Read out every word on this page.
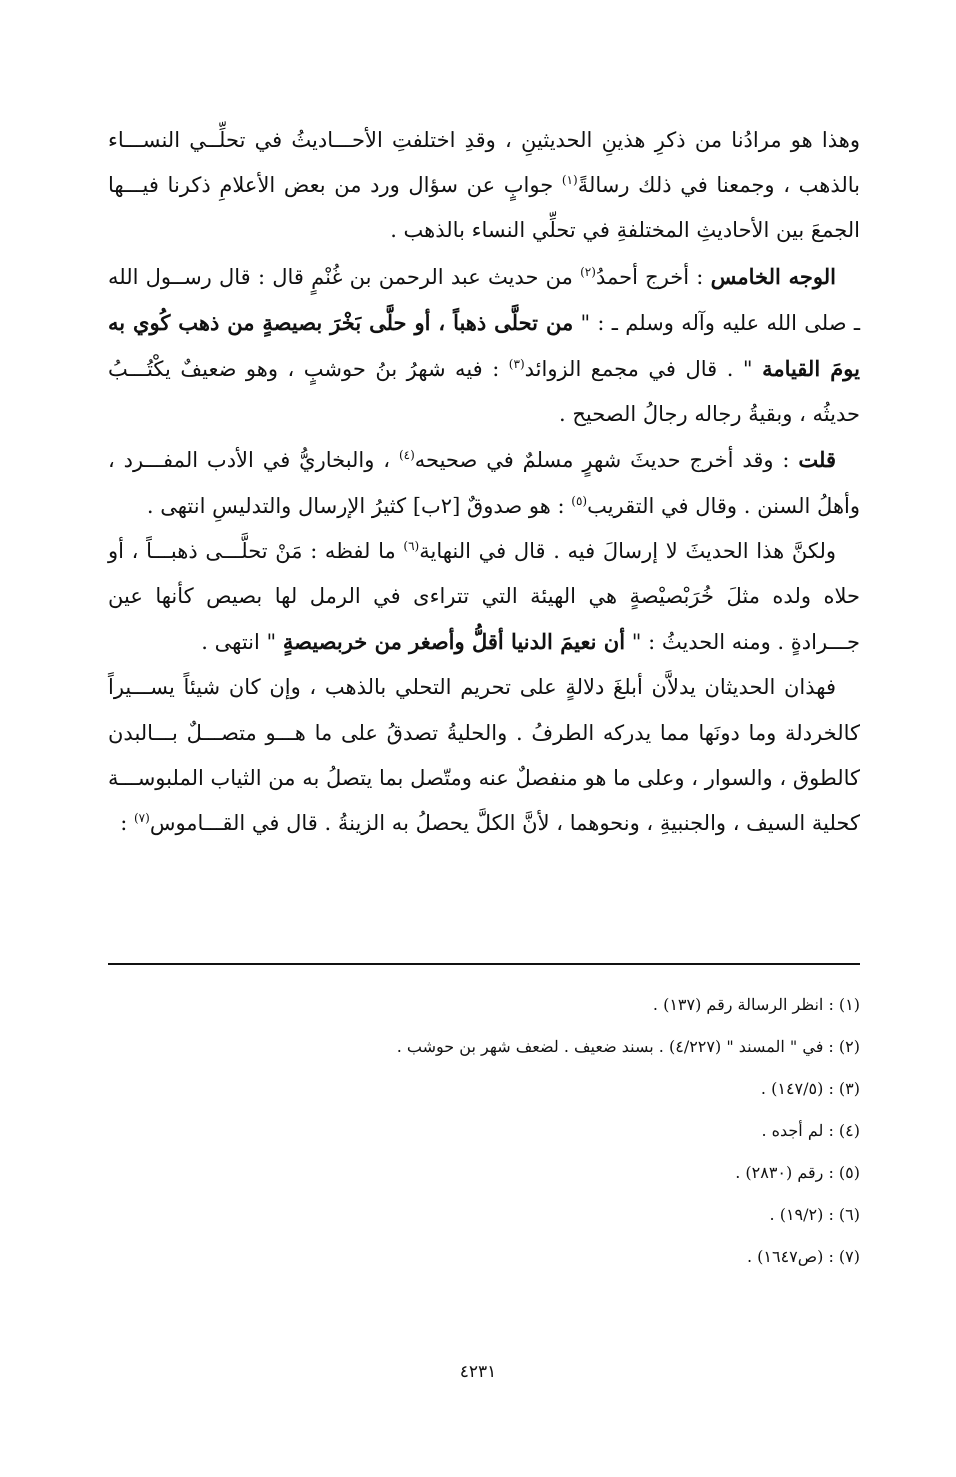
وهذا هو مرادُنا من ذكرِ هذينِ الحديثينِ ، وقدِ اختلفتِ الأحـــاديثُ في تحلِّــي النســـاء بالذهب ، وجمعنا في ذلك رسالةً$^{(١)}$ جوابٍ عن سؤال ورد من بعض الأعلامِ ذكرنا فيـــها الجمعَ بين الأحاديثِ المختلفةِ في تحلِّي النساء بالذهب .

الوجه الخامس : أخرج أحمدُ$^{(٢)}$ من حديث عبد الرحمن بن غُنْمٍ قال : قال رســول الله ـ صلى الله عليه وآله وسلم ـ : " من تحلَّى ذهباً ، أو حلَّى بَخْرَ بصيصةٍ من ذهب كُوي به يومَ القيامة " . قال في مجمع الزوائد$^{(٣)}$ : فيه شهرُ بنُ حوشبٍ ، وهو ضعيفٌ يكْتُـــبُ حديثُه ، وبقيةُ رجاله رجالُ الصحيح .

قلت : وقد أخرج حديثَ شهرٍ مسلمٌ في صحيحه$^{(٤)}$ ، والبخاريُّ في الأدب المفـــرد ، وأهلُ السنن . وقال في التقريب$^{(٥)}$ : هو صدوقٌ [٢ب] كثيرُ الإرسال والتدليسِ انتهى .

ولكنَّ هذا الحديثَ لا إرسالَ فيه . قال في النهاية$^{(٦)}$ ما لفظه : مَنْ تحلَّـــى ذهبـــاً ، أو حلاه ولده مثلَ خُرَبْصيْصةٍ هي الهيئة التي تتراءى في الرمل لها بصيص كأنها عين جـــرادةٍ . ومنه الحديثُ : " أن نعيمَ الدنيا أقلُّ وأصغر من خربصيصةٍ " انتهى .

فهذان الحديثان يدلاَّن أبلغَ دلالةٍ على تحريم التحلي بالذهب ، وإن كان شيئاً يســـيراً كالخردلة وما دونَها مما يدركه الطرفُ . والحليةُ تصدقُ على ما هـــو متصـــلٌ بـــالبدن كالطوق ، والسوار ، وعلى ما هو منفصلٌ عنه ومتّصل بما يتصلُ به من الثياب الملبوســـة كحلية السيف ، والجنبيةِ ، ونحوهما ، لأنَّ الكلَّ يحصلُ به الزينةُ . قال في القـــاموس$^{(٧)}$ :

(١) : انظر الرسالة رقم (١٣٧) .
(٢) : في " المسند " (٤/٢٢٧) . بسند ضعيف . لضعف شهر بن حوشب .
(٣) : (١٤٧/٥) .
(٤) : لم أجده .
(٥) : رقم (٢٨٣٠) .
(٦) : (١٩/٢) .
(٧) : (ص١٦٤٧) .
٤٢٣١
